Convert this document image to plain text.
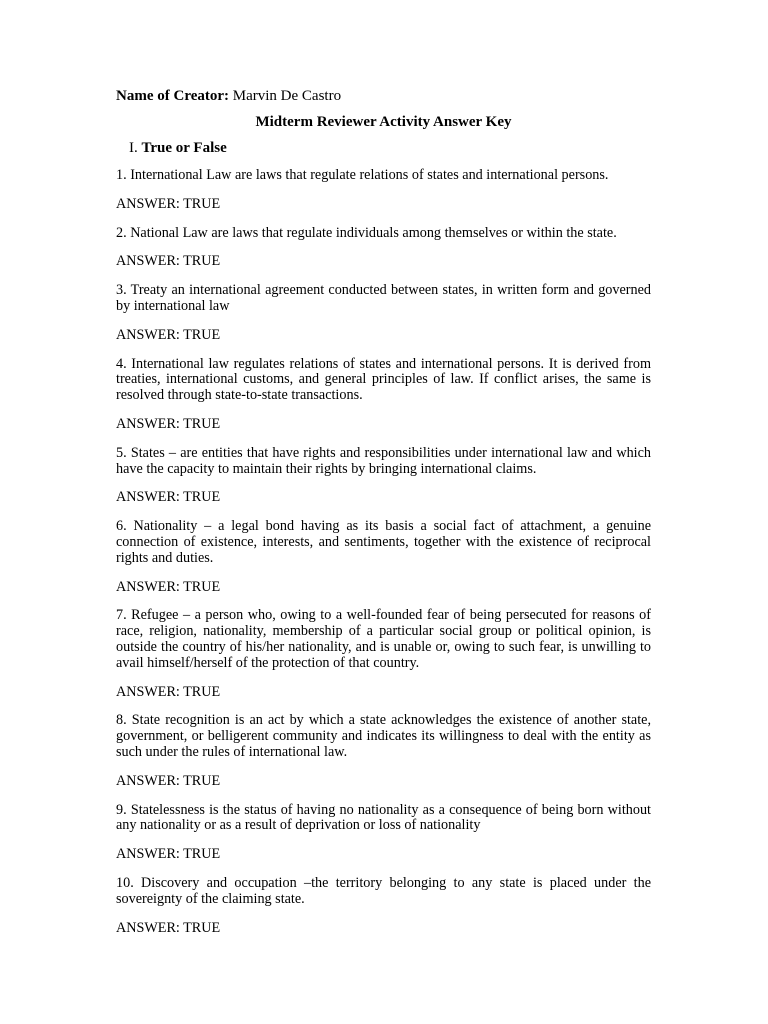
Name of Creator: Marvin De Castro

Midterm Reviewer Activity Answer Key

I. True or False

1. International Law are laws that regulate relations of states and international persons.

ANSWER: TRUE

2. National Law are laws that regulate individuals among themselves or within the state.

ANSWER: TRUE

3. Treaty an international agreement conducted between states, in written form and governed by international law

ANSWER: TRUE

4. International law regulates relations of states and international persons. It is derived from treaties, international customs, and general principles of law. If conflict arises, the same is resolved through state-to-state transactions.

ANSWER: TRUE

5. States – are entities that have rights and responsibilities under international law and which have the capacity to maintain their rights by bringing international claims.

ANSWER: TRUE

6. Nationality – a legal bond having as its basis a social fact of attachment, a genuine connection of existence, interests, and sentiments, together with the existence of reciprocal rights and duties.

ANSWER: TRUE

7. Refugee – a person who, owing to a well-founded fear of being persecuted for reasons of race, religion, nationality, membership of a particular social group or political opinion, is outside the country of his/her nationality, and is unable or, owing to such fear, is unwilling to avail himself/herself of the protection of that country.

ANSWER: TRUE

8. State recognition is an act by which a state acknowledges the existence of another state, government, or belligerent community and indicates its willingness to deal with the entity as such under the rules of international law.

ANSWER: TRUE

9. Statelessness is the status of having no nationality as a consequence of being born without any nationality or as a result of deprivation or loss of nationality

ANSWER: TRUE

10. Discovery and occupation –the territory belonging to any state is placed under the sovereignty of the claiming state.

ANSWER: TRUE
